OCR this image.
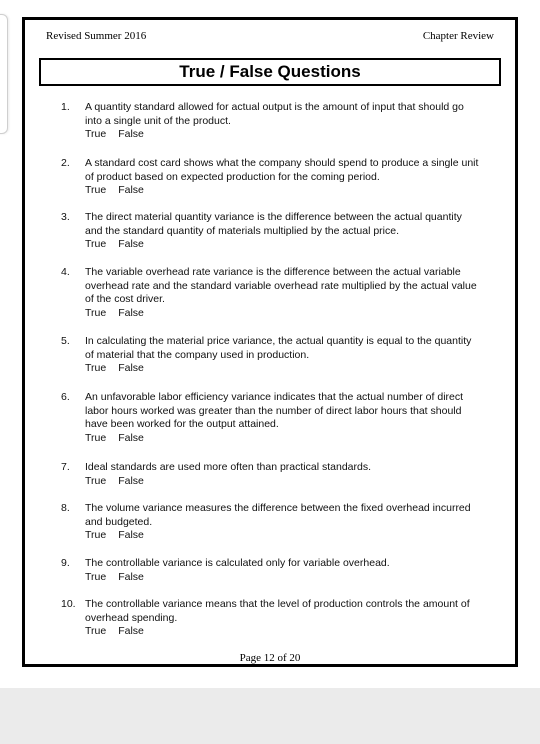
Revised Summer 2016	Chapter Review
True / False Questions
1.	A quantity standard allowed for actual output is the amount of input that should go into a single unit of the product.
True False
2.	A standard cost card shows what the company should spend to produce a single unit of product based on expected production for the coming period.
True False
3.	The direct material quantity variance is the difference between the actual quantity and the standard quantity of materials multiplied by the actual price.
True False
4.	The variable overhead rate variance is the difference between the actual variable overhead rate and the standard variable overhead rate multiplied by the actual value of the cost driver.
True False
5.	In calculating the material price variance, the actual quantity is equal to the quantity of material that the company used in production.
True False
6.	An unfavorable labor efficiency variance indicates that the actual number of direct labor hours worked was greater than the number of direct labor hours that should have been worked for the output attained.
True False
7.	Ideal standards are used more often than practical standards.
True False
8.	The volume variance measures the difference between the fixed overhead incurred and budgeted.
True False
9.	The controllable variance is calculated only for variable overhead.
True False
10. The controllable variance means that the level of production controls the amount of overhead spending.
True False
Page 12 of 20
